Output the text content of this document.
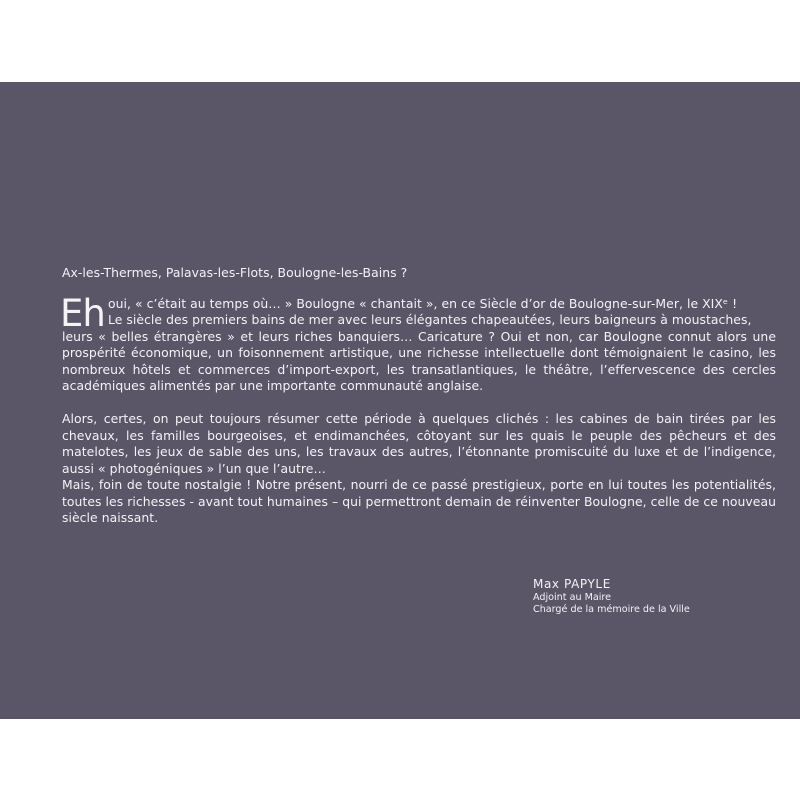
Ax-les-Thermes, Palavas-les-Flots, Boulogne-les-Bains ?

Eh oui, « c’était au temps où… » Boulogne « chantait », en ce Siècle d’or de Boulogne-sur-Mer, le XIXᵉ !
Le siècle des premiers bains de mer avec leurs élégantes chapeautées, leurs baigneurs à moustaches,
leurs « belles étrangères » et leurs riches banquiers… Caricature ? Oui et non, car Boulogne connut alors une prospérité économique, un foisonnement artistique, une richesse intellectuelle dont témoignaient le casino, les nombreux hôtels et commerces d’import-export, les transatlantiques, le théâtre, l’effervescence des cercles académiques alimentés par une importante communauté anglaise.

Alors, certes, on peut toujours résumer cette période à quelques clichés : les cabines de bain tirées par les chevaux, les familles bourgeoises, et endimanchées, côtoyant sur les quais le peuple des pêcheurs et des matelotes, les jeux de sable des uns, les travaux des autres, l’étonnante promiscuité du luxe et de l’indigence, aussi « photogéniques » l’un que l’autre…

Mais, foin de toute nostalgie ! Notre présent, nourri de ce passé prestigieux, porte en lui toutes les potentialités, toutes les richesses - avant tout humaines – qui permettront demain de réinventer Boulogne, celle de ce nouveau siècle naissant.

Max PAPYLE
Adjoint au Maire
Chargé de la mémoire de la Ville
